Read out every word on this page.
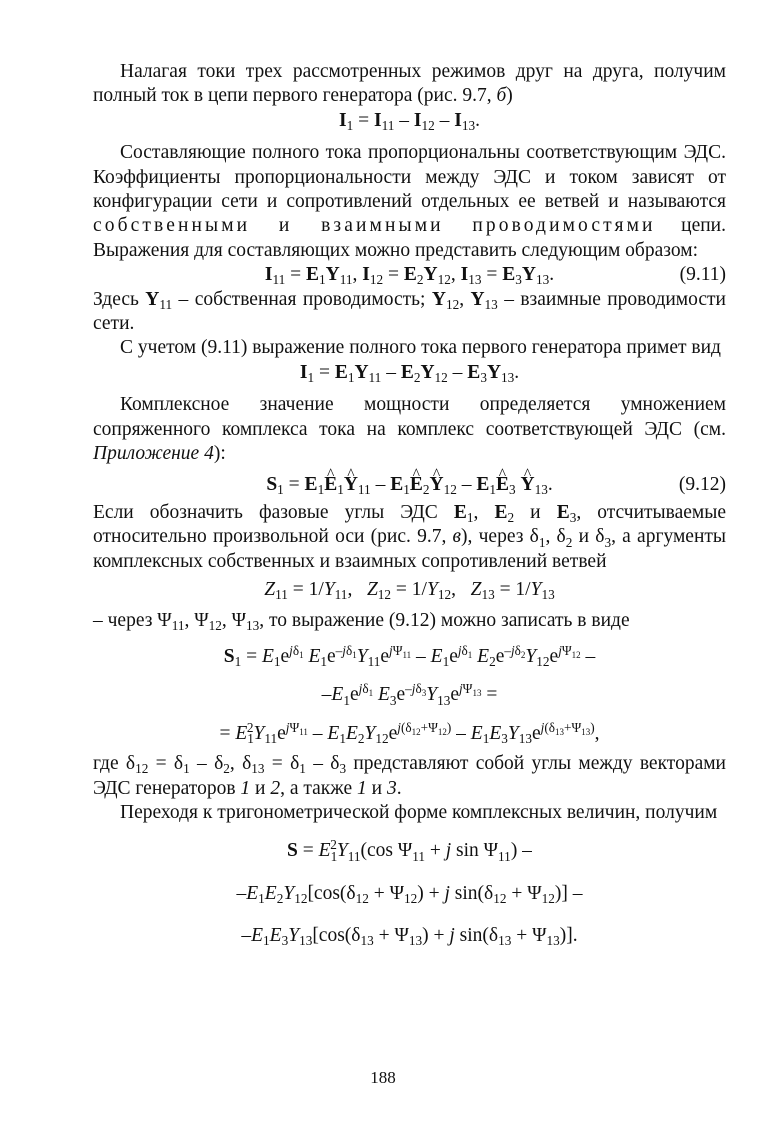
Налагая токи трех рассмотренных режимов друг на друга, получим полный ток в цепи первого генератора (рис. 9.7, б)

$I_1 = I_{11} - I_{12} - I_{13}$.

Составляющие полного тока пропорциональны соответствующим ЭДС. Коэффициенты пропорциональности между ЭДС и током зависят от конфигурации сети и сопротивлений отдельных ее ветвей и называются собственными и взаимными проводимостями цепи. Выражения для составляющих можно представить следующим образом:

$I_{11} = E_1Y_{11}$, $I_{12} = E_2Y_{12}$, $I_{13} = E_3Y_{13}$.	(9.11)

Здесь $Y_{11}$ – собственная проводимость; $Y_{12}$, $Y_{13}$ – взаимные проводимости сети.

С учетом (9.11) выражение полного тока первого генератора примет вид

$I_1 = E_1Y_{11} - E_2Y_{12} - E_3Y_{13}$.

Комплексное значение мощности определяется умножением сопряженного комплекса тока на комплекс соответствующей ЭДС (см. Приложение 4):

$S_1$ = $E_1\^{}$ $E_1\^{}$ $Y_{11}$ – $E_1\^{}$ $E_2\^{}$ $Y_{12}$ – $E_1\^{}$ $E_3$ ^ $Y_{13}$.	(9.12)

Если обозначить фазовые углы ЭДС $E_1$, $E_2$ и $E_3$, отсчитываемые относительно произвольной оси (рис. 9.7, в), через $\delta_1$, $\delta_2$ и $\delta_3$, а аргументы комплексных собственных и взаимных сопротивлений ветвей

$Z_{11} = 1/Y_{11}$,   $Z_{12} = 1/Y_{12}$,   $Z_{13} = 1/Y_{13}$

– через $\Psi_{11}$, $\Psi_{12}$, $\Psi_{13}$, то выражение (9.12) можно записать в виде

$S_1 = E_1e^{j\delta_1}$ $E_1e^{-j\delta_1}Y_{11}e^{j\Psi_{11}} - E_1e^{j\delta_1}$ $E_2e^{-j\delta_2}Y_{12}e^{j\Psi_{12}}$ –
$-E_1e^{j\delta_1}$ $E_3e^{-j\delta_3}Y_{13}e^{j\Psi_{13}}$ =
= $E_1^2Y_{11}e^{j\Psi_{11}} - E_1E_2Y_{12}e^{j(\delta_{12}+\Psi_{12})} - E_1E_3Y_{13}e^{j(\delta_{13}+\Psi_{13})}$,

где $\delta_{12} = \delta_1 - \delta_2$, $\delta_{13} = \delta_1 - \delta_3$ представляют собой углы между векторами ЭДС генераторов 1 и 2, а также 1 и 3.

Переходя к тригонометрической форме комплексных величин, получим

$S = E_1^2Y_{11}(\cos$ $\Psi_{11} + j$ $\sin \Psi_{11}$) –
$-E_1E_2Y_{12}[\cos(\delta_{12} + \Psi_{12}) + j$ $\sin(\delta_{12} + \Psi_{12})$] –
$-E_1E_3Y_{13}[\cos(\delta_{13} + \Psi_{13}) + j$ $\sin(\delta_{13} + \Psi_{13})$].
188
